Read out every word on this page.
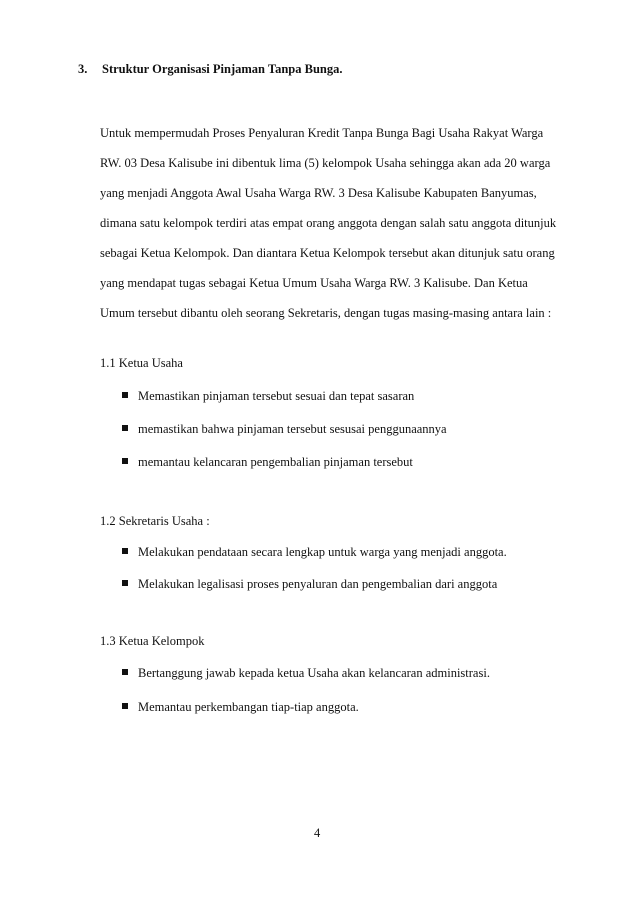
3. Struktur Organisasi Pinjaman Tanpa Bunga.
Untuk mempermudah Proses Penyaluran Kredit Tanpa Bunga Bagi Usaha Rakyat Warga
RW. 03 Desa Kalisube ini dibentuk lima (5) kelompok Usaha sehingga akan ada 20 warga
yang menjadi Anggota Awal Usaha Warga RW. 3 Desa Kalisube Kabupaten Banyumas,
dimana satu kelompok terdiri atas empat orang anggota dengan salah satu anggota ditunjuk
sebagai Ketua Kelompok. Dan diantara Ketua Kelompok tersebut akan ditunjuk satu orang
yang mendapat tugas sebagai Ketua Umum Usaha Warga RW. 3 Kalisube. Dan Ketua
Umum tersebut dibantu oleh seorang Sekretaris, dengan tugas masing-masing antara lain :
1.1 Ketua Usaha
Memastikan pinjaman tersebut sesuai dan tepat sasaran
memastikan bahwa pinjaman tersebut sesusai penggunaannya
memantau kelancaran pengembalian pinjaman tersebut
1.2 Sekretaris Usaha :
Melakukan pendataan secara lengkap untuk warga yang menjadi anggota.
Melakukan legalisasi proses penyaluran dan pengembalian dari anggota
1.3 Ketua Kelompok
Bertanggung jawab kepada ketua Usaha akan kelancaran administrasi.
Memantau perkembangan tiap-tiap anggota.
4
